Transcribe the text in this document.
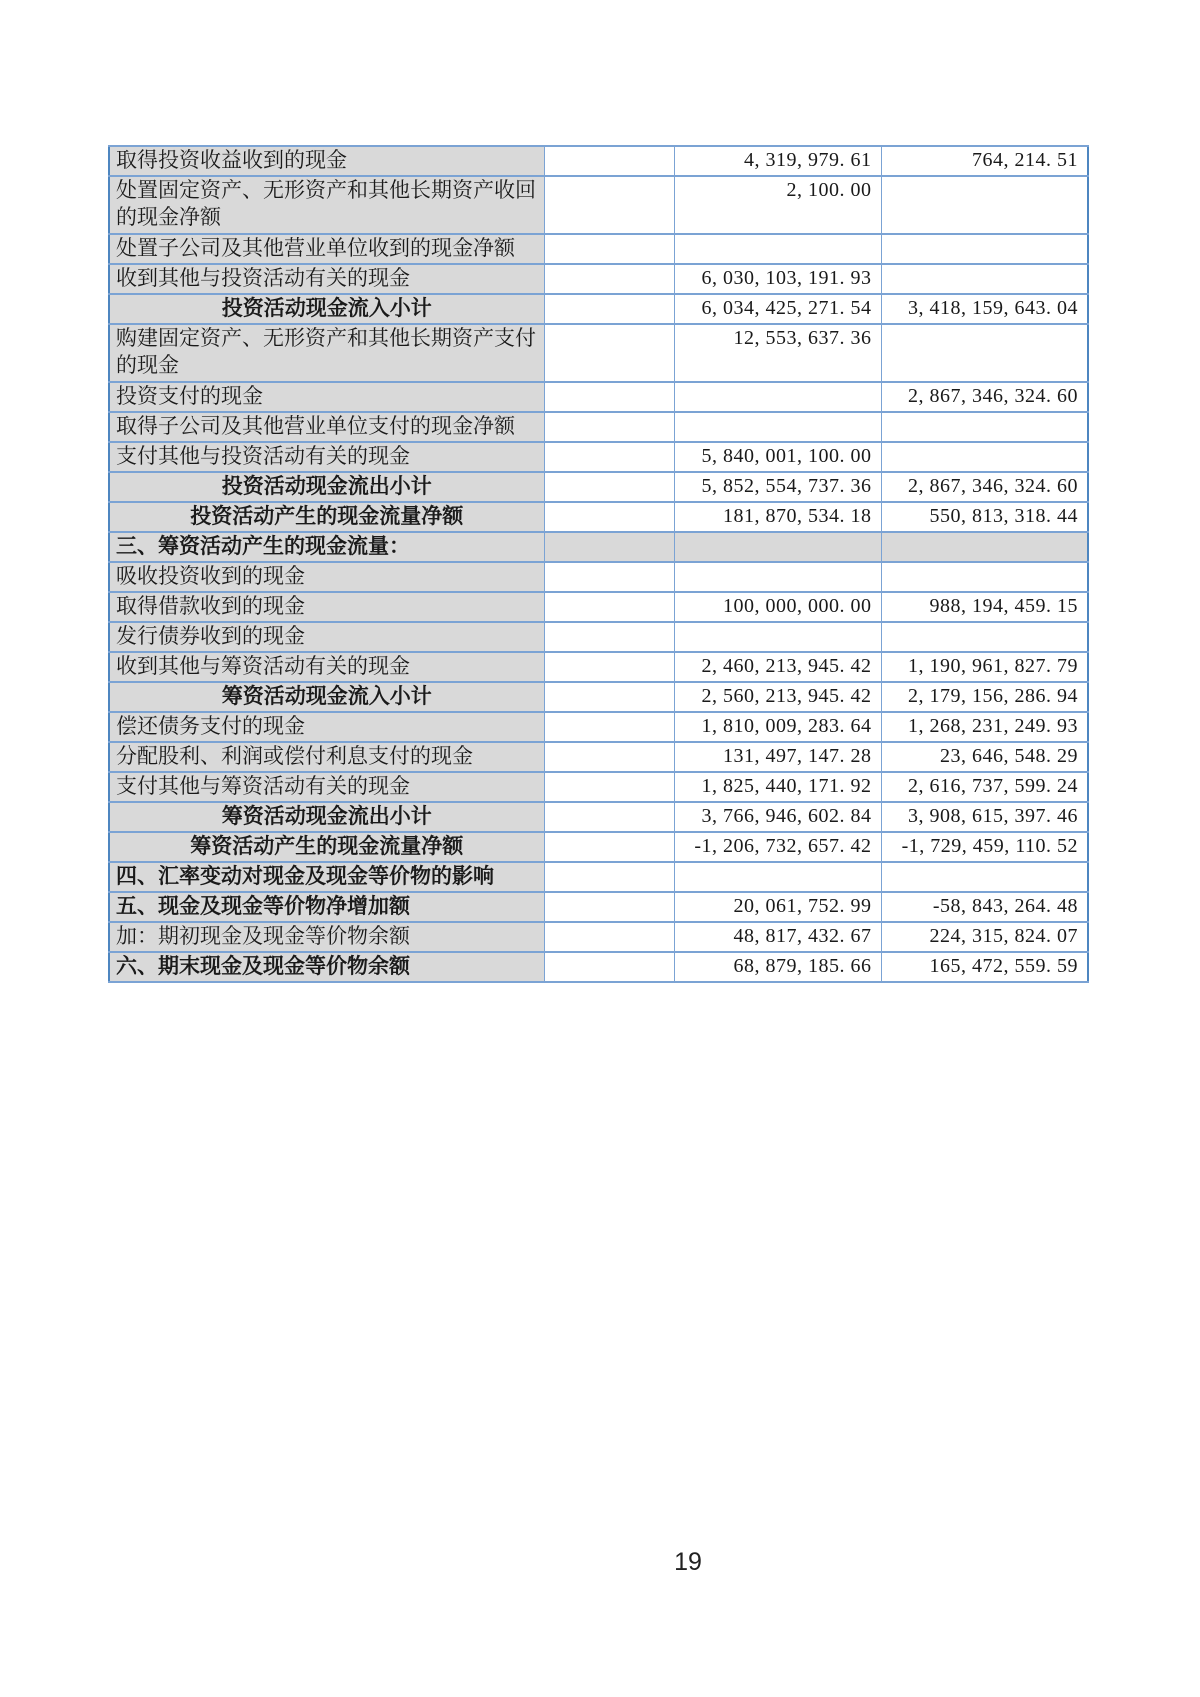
取得投资收益收到的现金		4, 319, 979. 61	764, 214. 51
处置固定资产、无形资产和其他长期资产收回的现金净额		2, 100. 00	
处置子公司及其他营业单位收到的现金净额			
收到其他与投资活动有关的现金		6, 030, 103, 191. 93	
投资活动现金流入小计		6, 034, 425, 271. 54	3, 418, 159, 643. 04
购建固定资产、无形资产和其他长期资产支付的现金		12, 553, 637. 36	
投资支付的现金			2, 867, 346, 324. 60
取得子公司及其他营业单位支付的现金净额			
支付其他与投资活动有关的现金		5, 840, 001, 100. 00	
投资活动现金流出小计		5, 852, 554, 737. 36	2, 867, 346, 324. 60
投资活动产生的现金流量净额		181, 870, 534. 18	550, 813, 318. 44
三、筹资活动产生的现金流量：			
吸收投资收到的现金			
取得借款收到的现金		100, 000, 000. 00	988, 194, 459. 15
发行债券收到的现金			
收到其他与筹资活动有关的现金		2, 460, 213, 945. 42	1, 190, 961, 827. 79
筹资活动现金流入小计		2, 560, 213, 945. 42	2, 179, 156, 286. 94
偿还债务支付的现金		1, 810, 009, 283. 64	1, 268, 231, 249. 93
分配股利、利润或偿付利息支付的现金		131, 497, 147. 28	23, 646, 548. 29
支付其他与筹资活动有关的现金		1, 825, 440, 171. 92	2, 616, 737, 599. 24
筹资活动现金流出小计		3, 766, 946, 602. 84	3, 908, 615, 397. 46
筹资活动产生的现金流量净额		-1, 206, 732, 657. 42	-1, 729, 459, 110. 52
四、汇率变动对现金及现金等价物的影响			
五、现金及现金等价物净增加额		20, 061, 752. 99	-58, 843, 264. 48
加：期初现金及现金等价物余额		48, 817, 432. 67	224, 315, 824. 07
六、期末现金及现金等价物余额		68, 879, 185. 66	165, 472, 559. 59
19
